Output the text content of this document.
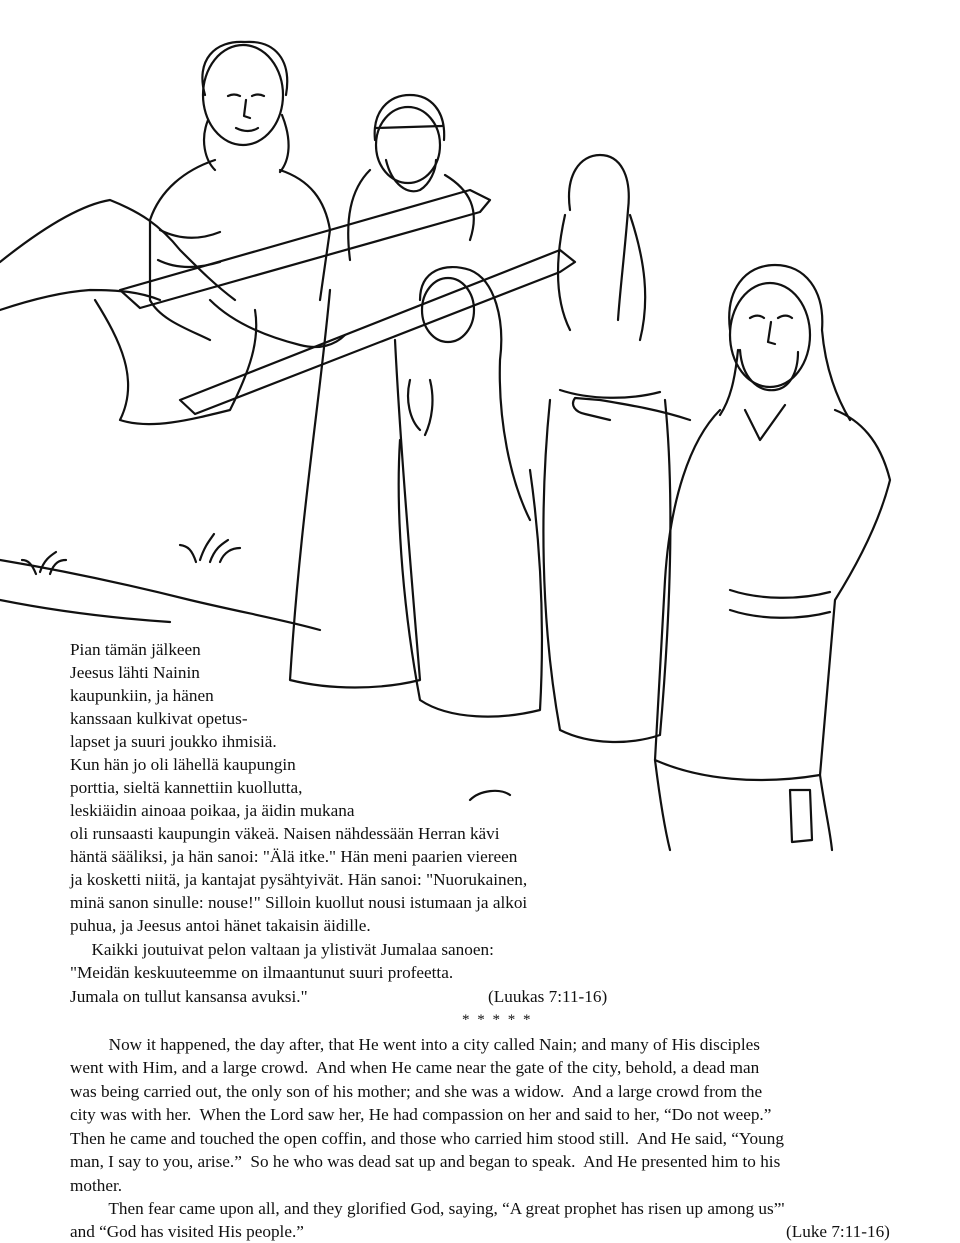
Pian tämän jälkeen

Jeesus lähti Nainin

kaupunkiin, ja hänen

kanssaan kulkivat opetus-

lapset ja suuri joukko ihmisiä.

Kun hän jo oli lähellä kaupungin

porttia, sieltä kannettiin kuollutta,

leskiäidin ainoaa poikaa, ja äidin mukana

oli runsaasti kaupungin väkeä. Naisen nähdessään Herran kävi

häntä sääliksi, ja hän sanoi: "Älä itke." Hän meni paarien viereen

ja kosketti niitä, ja kantajat pysähtyivät. Hän sanoi: "Nuorukainen,

minä sanon sinulle: nouse!" Silloin kuollut nousi istumaan ja alkoi

puhua, ja Jeesus antoi hänet takaisin äidille.

Kaikki joutuivat pelon valtaan ja ylistivät Jumalaa sanoen:

"Meidän keskuuteemme on ilmaantunut suuri profeetta.

Jumala on tullut kansansa avuksi."	(Luukas 7:11-16)
* * * * *

Now it happened, the day after, that He went into a city called Nain; and many of His disciples

went with Him, and a large crowd.  And when He came near the gate of the city, behold, a dead man

was being carried out, the only son of his mother; and she was a widow.  And a large crowd from the

city was with her.  When the Lord saw her, He had compassion on her and said to her, “Do not weep.”

Then he came and touched the open coffin, and those who carried him stood still.  And He said, “Young

man, I say to you, arise.”  So he who was dead sat up and began to speak.  And He presented him to his

mother.

Then fear came upon all, and they glorified God, saying, “A great prophet has risen up among us”'

and “God has visited His people.”	(Luke 7:11-16)
